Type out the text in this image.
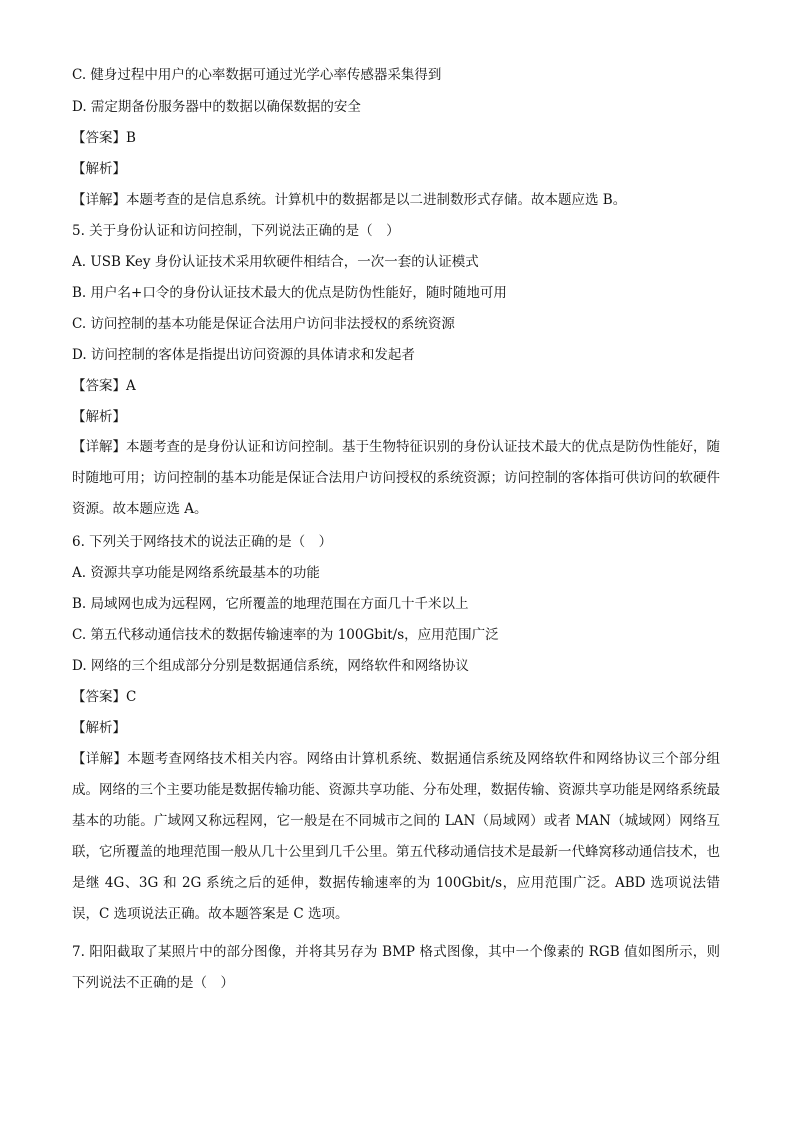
C. 健身过程中用户的心率数据可通过光学心率传感器采集得到
D. 需定期备份服务器中的数据以确保数据的安全
【答案】B
【解析】
【详解】本题考查的是信息系统。计算机中的数据都是以二进制数形式存储。故本题应选 B。
5. 关于身份认证和访问控制，下列说法正确的是（　）
A. USB Key 身份认证技术采用软硬件相结合，一次一套的认证模式
B. 用户名+口令的身份认证技术最大的优点是防伪性能好，随时随地可用
C. 访问控制的基本功能是保证合法用户访问非法授权的系统资源
D. 访问控制的客体是指提出访问资源的具体请求和发起者
【答案】A
【解析】
【详解】本题考查的是身份认证和访问控制。基于生物特征识别的身份认证技术最大的优点是防伪性能好，随时随地可用；访问控制的基本功能是保证合法用户访问授权的系统资源；访问控制的客体指可供访问的软硬件资源。故本题应选 A。
6. 下列关于网络技术的说法正确的是（　）
A. 资源共享功能是网络系统最基本的功能
B. 局域网也成为远程网，它所覆盖的地理范围在方面几十千米以上
C. 第五代移动通信技术的数据传输速率的为 100Gbit/s，应用范围广泛
D. 网络的三个组成部分分别是数据通信系统，网络软件和网络协议
【答案】C
【解析】
【详解】本题考查网络技术相关内容。网络由计算机系统、数据通信系统及网络软件和网络协议三个部分组成。网络的三个主要功能是数据传输功能、资源共享功能、分布处理，数据传输、资源共享功能是网络系统最基本的功能。广域网又称远程网，它一般是在不同城市之间的 LAN（局域网）或者 MAN（城域网）网络互联，它所覆盖的地理范围一般从几十公里到几千公里。第五代移动通信技术是最新一代蜂窝移动通信技术，也是继 4G、3G 和 2G 系统之后的延伸，数据传输速率的为 100Gbit/s，应用范围广泛。ABD 选项说法错误，C 选项说法正确。故本题答案是 C 选项。
7. 阳阳截取了某照片中的部分图像，并将其另存为 BMP 格式图像，其中一个像素的 RGB 值如图所示，则下列说法不正确的是（　）
